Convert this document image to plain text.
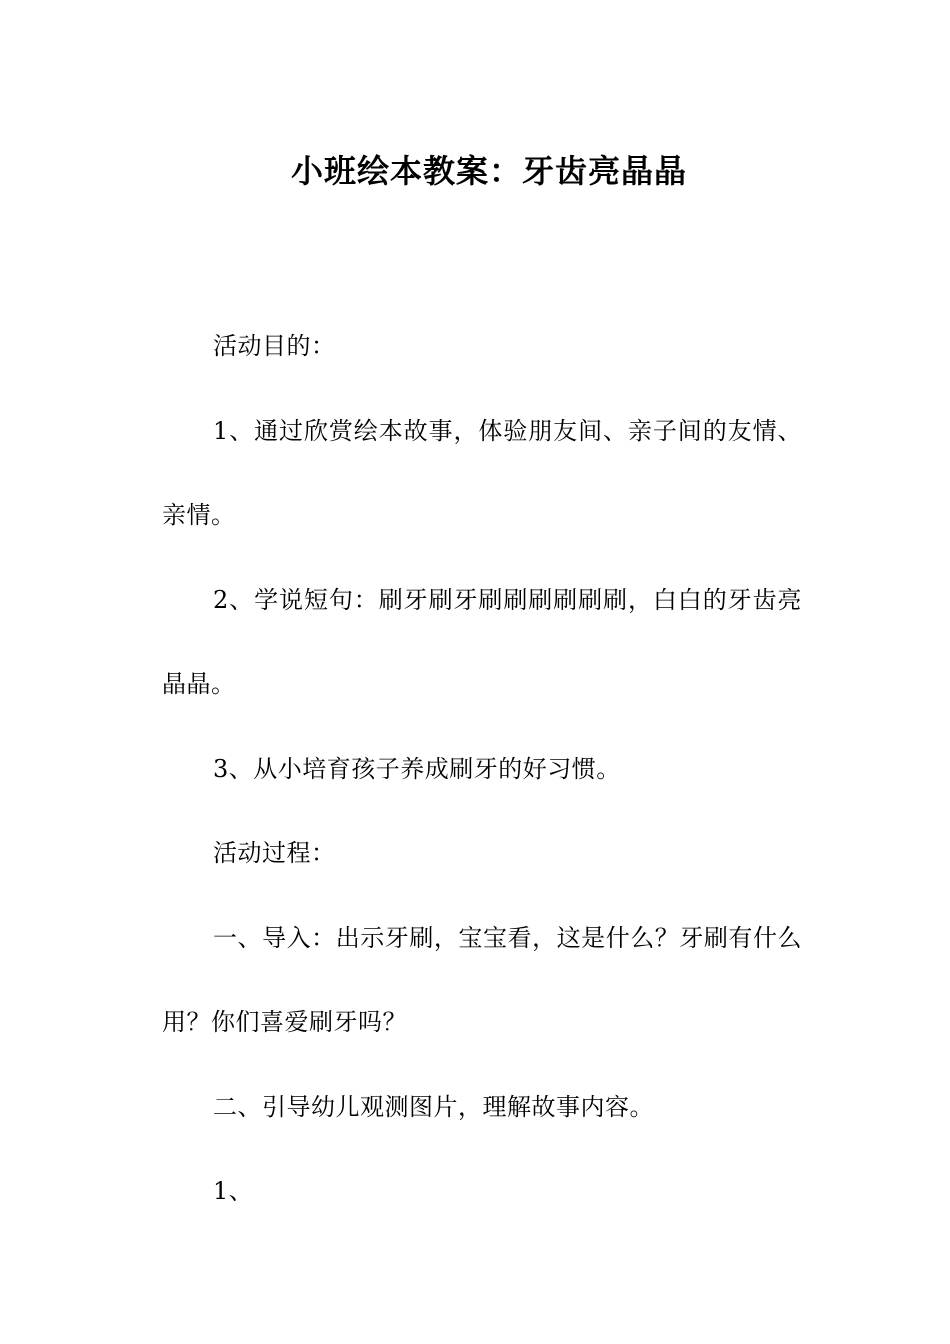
小班绘本教案：牙齿亮晶晶

活动目的：

1、通过欣赏绘本故事，体验朋友间、亲子间的友情、亲情。

2、学说短句：刷牙刷牙刷刷刷刷刷刷，白白的牙齿亮晶晶。

3、从小培育孩子养成刷牙的好习惯。

活动过程：

一、导入：出示牙刷，宝宝看，这是什么？牙刷有什么用？你们喜爱刷牙吗？

二、引导幼儿观测图片，理解故事内容。

1、
